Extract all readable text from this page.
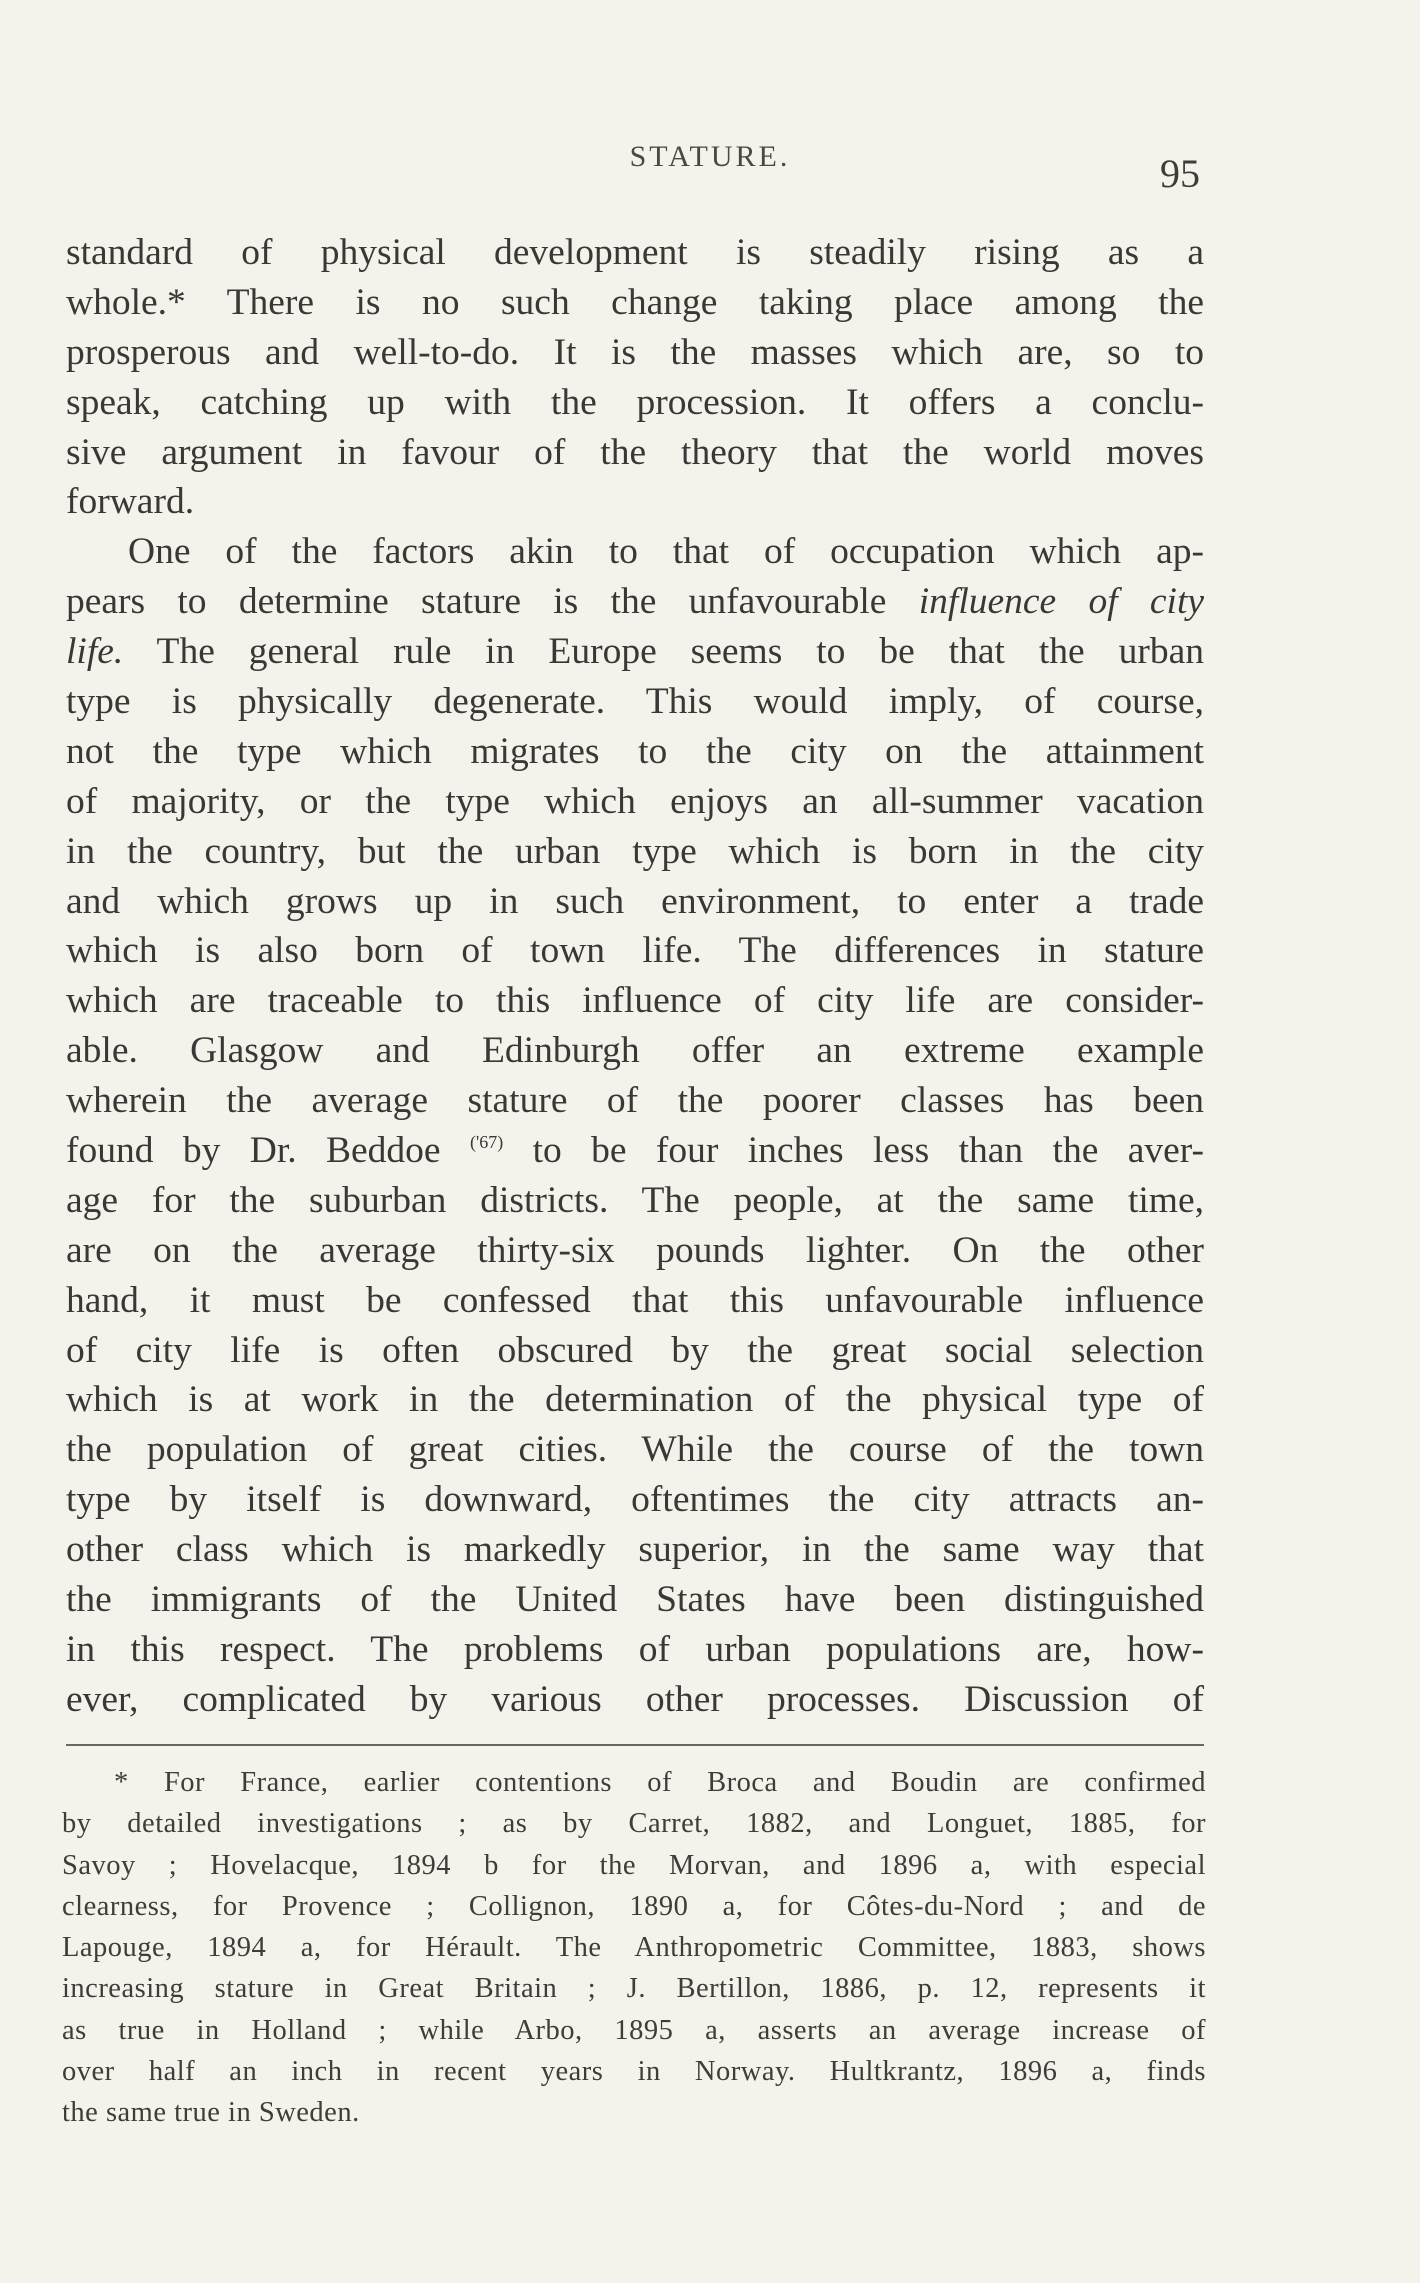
STATURE.	95
standard of physical development is steadily rising as a
whole.* There is no such change taking place among the
prosperous and well-to-do. It is the masses which are, so to
speak, catching up with the procession. It offers a conclu-
sive argument in favour of the theory that the world moves
forward.
One of the factors akin to that of occupation which ap-
pears to determine stature is the unfavourable influence of city
life. The general rule in Europe seems to be that the urban
type is physically degenerate. This would imply, of course,
not the type which migrates to the city on the attainment
of majority, or the type which enjoys an all-summer vacation
in the country, but the urban type which is born in the city
and which grows up in such environment, to enter a trade
which is also born of town life. The differences in stature
which are traceable to this influence of city life are consider-
able. Glasgow and Edinburgh offer an extreme example
wherein the average stature of the poorer classes has been
found by Dr. Beddoe $^{('67)}$ to be four inches less than the aver-
age for the suburban districts. The people, at the same time,
are on the average thirty-six pounds lighter. On the other
hand, it must be confessed that this unfavourable influence
of city life is often obscured by the great social selection
which is at work in the determination of the physical type of
the population of great cities. While the course of the town
type by itself is downward, oftentimes the city attracts an-
other class which is markedly superior, in the same way that
the immigrants of the United States have been distinguished
in this respect. The problems of urban populations are, how-
ever, complicated by various other processes. Discussion of
* For France, earlier contentions of Broca and Boudin are confirmed
by detailed investigations ; as by Carret, 1882, and Longuet, 1885, for
Savoy ; Hovelacque, 1894 b for the Morvan, and 1896 a, with especial
clearness, for Provence ; Collignon, 1890 a, for Côtes-du-Nord ; and de
Lapouge, 1894 a, for Hérault. The Anthropometric Committee, 1883, shows
increasing stature in Great Britain ; J. Bertillon, 1886, p. 12, represents it
as true in Holland ; while Arbo, 1895 a, asserts an average increase of
over half an inch in recent years in Norway. Hultkrantz, 1896 a, finds
the same true in Sweden.
